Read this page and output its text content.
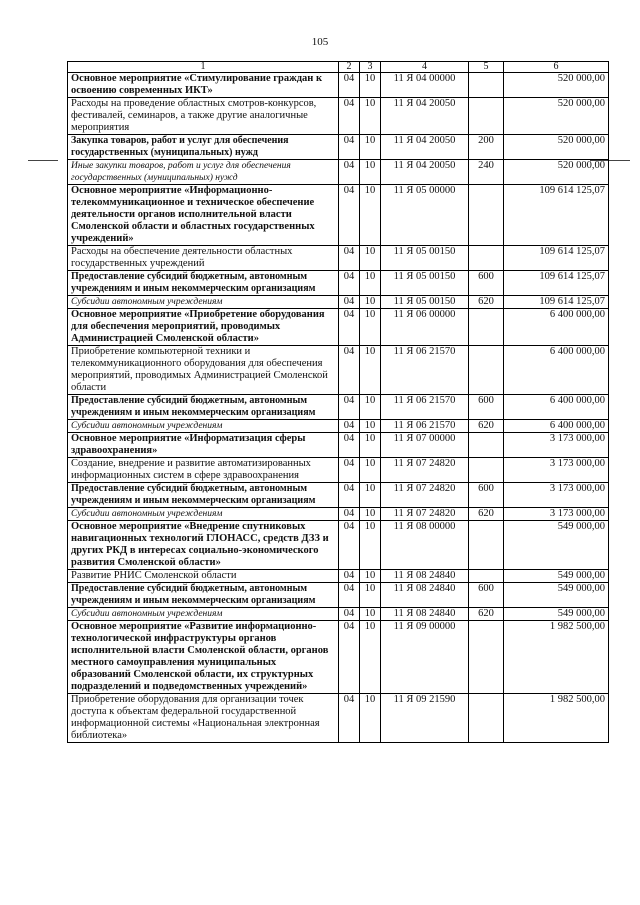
105
1	2	3	4	5	6
Основное мероприятие «Стимулирование граждан к освоению современных ИКТ»	04	10	11 Я 04 00000		520 000,00
Расходы на проведение областных смотров-конкурсов, фестивалей, семинаров, а также другие аналогичные мероприятия	04	10	11 Я 04 20050		520 000,00
Закупка товаров, работ и услуг для обеспечения государственных (муниципальных) нужд	04	10	11 Я 04 20050	200	520 000,00
Иные закупки товаров, работ и услуг для обеспечения государственных (муниципальных) нужд	04	10	11 Я 04 20050	240	520 000,00
Основное мероприятие «Информационно-телекоммуникационное и техническое обеспечение деятельности органов исполнительной власти Смоленской области и областных государственных учреждений»	04	10	11 Я 05 00000		109 614 125,07
Расходы на обеспечение деятельности областных государственных учреждений	04	10	11 Я 05 00150		109 614 125,07
Предоставление субсидий бюджетным, автономным учреждениям и иным некоммерческим организациям	04	10	11 Я 05 00150	600	109 614 125,07
Субсидии автономным учреждениям	04	10	11 Я 05 00150	620	109 614 125,07
Основное мероприятие «Приобретение оборудования для обеспечения мероприятий, проводимых Администрацией Смоленской области»	04	10	11 Я 06 00000		6 400 000,00
Приобретение компьютерной техники и телекоммуникационного оборудования для обеспечения мероприятий, проводимых Администрацией Смоленской области	04	10	11 Я 06 21570		6 400 000,00
Предоставление субсидий бюджетным, автономным учреждениям и иным некоммерческим организациям	04	10	11 Я 06 21570	600	6 400 000,00
Субсидии автономным учреждениям	04	10	11 Я 06 21570	620	6 400 000,00
Основное мероприятие «Информатизация сферы здравоохранения»	04	10	11 Я 07 00000		3 173 000,00
Создание, внедрение и развитие автоматизированных информационных систем в сфере здравоохранения	04	10	11 Я 07 24820		3 173 000,00
Предоставление субсидий бюджетным, автономным учреждениям и иным некоммерческим организациям	04	10	11 Я 07 24820	600	3 173 000,00
Субсидии автономным учреждениям	04	10	11 Я 07 24820	620	3 173 000,00
Основное мероприятие «Внедрение спутниковых навигационных технологий ГЛОНАСС, средств ДЗЗ и других РКД в интересах социально-экономического развития Смоленской области»	04	10	11 Я 08 00000		549 000,00
Развитие РНИС Смоленской области	04	10	11 Я 08 24840		549 000,00
Предоставление субсидий бюджетным, автономным учреждениям и иным некоммерческим организациям	04	10	11 Я 08 24840	600	549 000,00
Субсидии автономным учреждениям	04	10	11 Я 08 24840	620	549 000,00
Основное мероприятие «Развитие информационно-технологической инфраструктуры органов исполнительной власти Смоленской области, органов местного самоуправления муниципальных образований Смоленской области, их структурных подразделений и подведомственных учреждений»	04	10	11 Я 09 00000		1 982 500,00
Приобретение оборудования для организации точек доступа к объектам федеральной государственной информационной системы «Национальная электронная библиотека»	04	10	11 Я 09 21590		1 982 500,00
